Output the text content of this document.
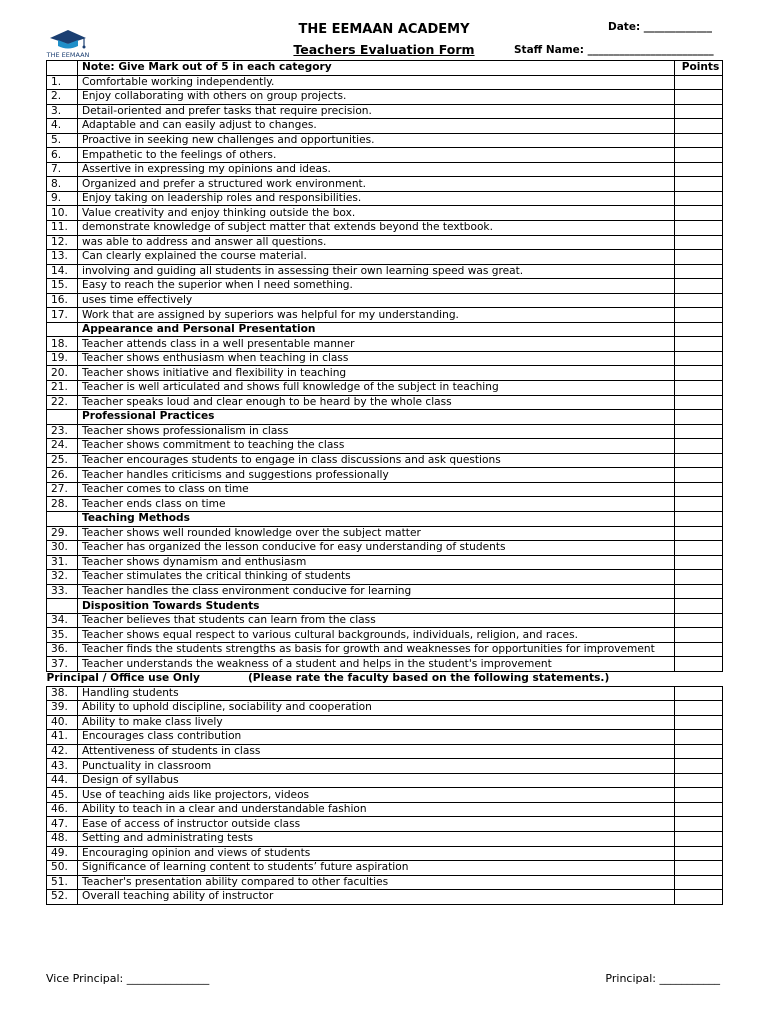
THE EEMAAN
THE EEMAAN ACADEMY
Teachers Evaluation Form
Date: _____________
Staff Name: ________________________
	Note: Give Mark out of 5 in each category	Points
1.	Comfortable working independently.	
2.	Enjoy collaborating with others on group projects.	
3.	Detail-oriented and prefer tasks that require precision.	
4.	Adaptable and can easily adjust to changes.	
5.	Proactive in seeking new challenges and opportunities.	
6.	Empathetic to the feelings of others.	
7.	Assertive in expressing my opinions and ideas.	
8.	Organized and prefer a structured work environment.	
9.	Enjoy taking on leadership roles and responsibilities.	
10.	Value creativity and enjoy thinking outside the box.	
11.	demonstrate knowledge of subject matter that extends beyond the textbook.	
12.	was able to address and answer all questions.	
13.	Can clearly explained the course material.	
14.	involving and guiding all students in assessing their own learning speed was great.	
15.	Easy to reach the superior when I need something.	
16.	uses time effectively	
17.	Work that are assigned by superiors was helpful for my understanding.	
	Appearance and Personal Presentation	
18.	Teacher attends class in a well presentable manner	
19.	Teacher shows enthusiasm when teaching in class	
20.	Teacher shows initiative and flexibility in teaching	
21.	Teacher is well articulated and shows full knowledge of the subject in teaching	
22.	Teacher speaks loud and clear enough to be heard by the whole class	
	Professional Practices	
23.	Teacher shows professionalism in class	
24.	Teacher shows commitment to teaching the class	
25.	Teacher encourages students to engage in class discussions and ask questions	
26.	Teacher handles criticisms and suggestions professionally	
27.	Teacher comes to class on time	
28.	Teacher ends class on time	
	Teaching Methods	
29.	Teacher shows well rounded knowledge over the subject matter	
30.	Teacher has organized the lesson conducive for easy understanding of students	
31.	Teacher shows dynamism and enthusiasm	
32.	Teacher stimulates the critical thinking of students	
33.	Teacher handles the class environment conducive for learning	
	Disposition Towards Students	
34.	Teacher believes that students can learn from the class	
35.	Teacher shows equal respect to various cultural backgrounds, individuals, religion, and races.	
36.	Teacher finds the students strengths as basis for growth and weaknesses for opportunities for improvement	
37.	Teacher understands the weakness of a student and helps in the student's improvement	
Principal / Office use Only (Please rate the faculty based on the following statements.)		
38.	Handling students	
39.	Ability to uphold discipline, sociability and cooperation	
40.	Ability to make class lively	
41.	Encourages class contribution	
42.	Attentiveness of students in class	
43.	Punctuality in classroom	
44.	Design of syllabus	
45.	Use of teaching aids like projectors, videos	
46.	Ability to teach in a clear and understandable fashion	
47.	Ease of access of instructor outside class	
48.	Setting and administrating tests	
49.	Encouraging opinion and views of students	
50.	Significance of learning content to students’ future aspiration	
51.	Teacher's presentation ability compared to other faculties	
52.	Overall teaching ability of instructor	
Vice Principal: _______________	Principal: ___________
